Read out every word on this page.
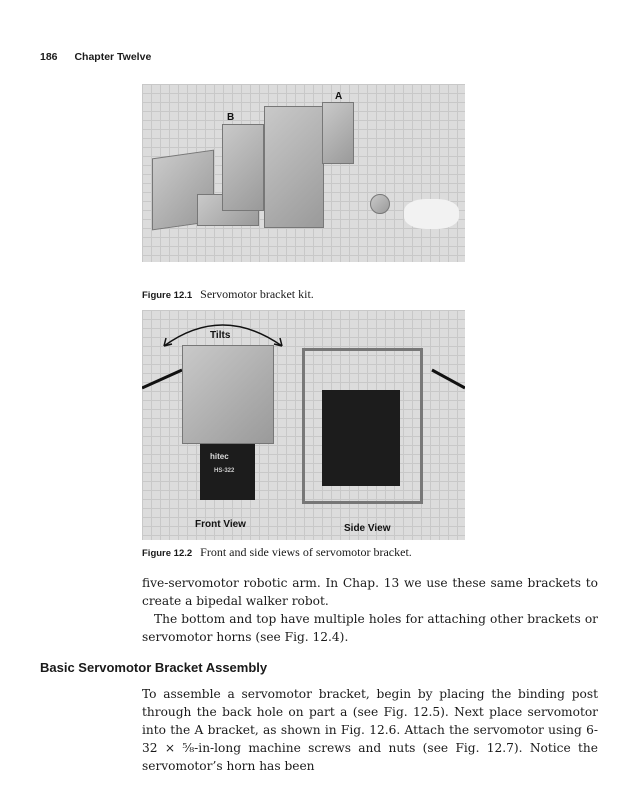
186 Chapter Twelve
A
B
Figure 12.1 Servomotor bracket kit.
Tilts
hitec
HS-322
Front View	Side View
Figure 12.2 Front and side views of servomotor bracket.

five-servomotor robotic arm. In Chap. 13 we use these same brackets to create a bipedal walker robot.

The bottom and top have multiple holes for attaching other brackets or servomotor horns (see Fig. 12.4).

Basic Servomotor Bracket Assembly

To assemble a servomotor bracket, begin by placing the binding post through the back hole on part a (see Fig. 12.5). Next place servomotor into the A bracket, as shown in Fig. 12.6. Attach the servomotor using 6-32 × ⅝-in-long machine screws and nuts (see Fig. 12.7). Notice the servomotor’s horn has been
